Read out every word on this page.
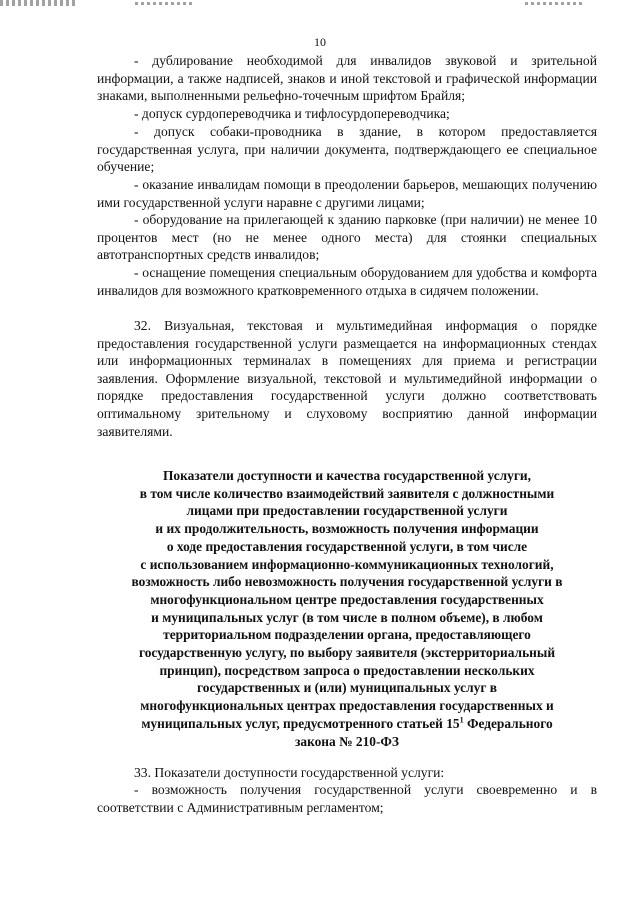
10

- дублирование необходимой для инвалидов звуковой и зрительной информации, а также надписей, знаков и иной текстовой и графической информации знаками, выполненными рельефно-точечным шрифтом Брайля;

- допуск сурдопереводчика и тифлосурдопереводчика;

- допуск собаки-проводника в здание, в котором предоставляется государственная услуга, при наличии документа, подтверждающего ее специальное обучение;

- оказание инвалидам помощи в преодолении барьеров, мешающих получению ими государственной услуги наравне с другими лицами;

- оборудование на прилегающей к зданию парковке (при наличии) не менее 10 процентов мест (но не менее одного места) для стоянки специальных автотранспортных средств инвалидов;

- оснащение помещения специальным оборудованием для удобства и комфорта инвалидов для возможного кратковременного отдыха в сидячем положении.

32. Визуальная, текстовая и мультимедийная информация о порядке предоставления государственной услуги размещается на информационных стендах или информационных терминалах в помещениях для приема и регистрации заявления. Оформление визуальной, текстовой и мультимедийной информации о порядке предоставления государственной услуги должно соответствовать оптимальному зрительному и слуховому восприятию данной информации заявителями.

Показатели доступности и качества государственной услуги,
в том числе количество взаимодействий заявителя с должностными
лицами при предоставлении государственной услуги
и их продолжительность, возможность получения информации
о ходе предоставления государственной услуги, в том числе
с использованием информационно-коммуникационных технологий,
возможность либо невозможность получения государственной услуги в
многофункциональном центре предоставления государственных
и муниципальных услуг (в том числе в полном объеме), в любом
территориальном подразделении органа, предоставляющего
государственную услугу, по выбору заявителя (экстерриториальный
принцип), посредством запроса о предоставлении нескольких
государственных и (или) муниципальных услуг в
многофункциональных центрах предоставления государственных и
муниципальных услуг, предусмотренного статьей $15^1$ Федерального
закона № 210-ФЗ

33. Показатели доступности государственной услуги:

- возможность получения государственной услуги своевременно и в соответствии с Административным регламентом;
